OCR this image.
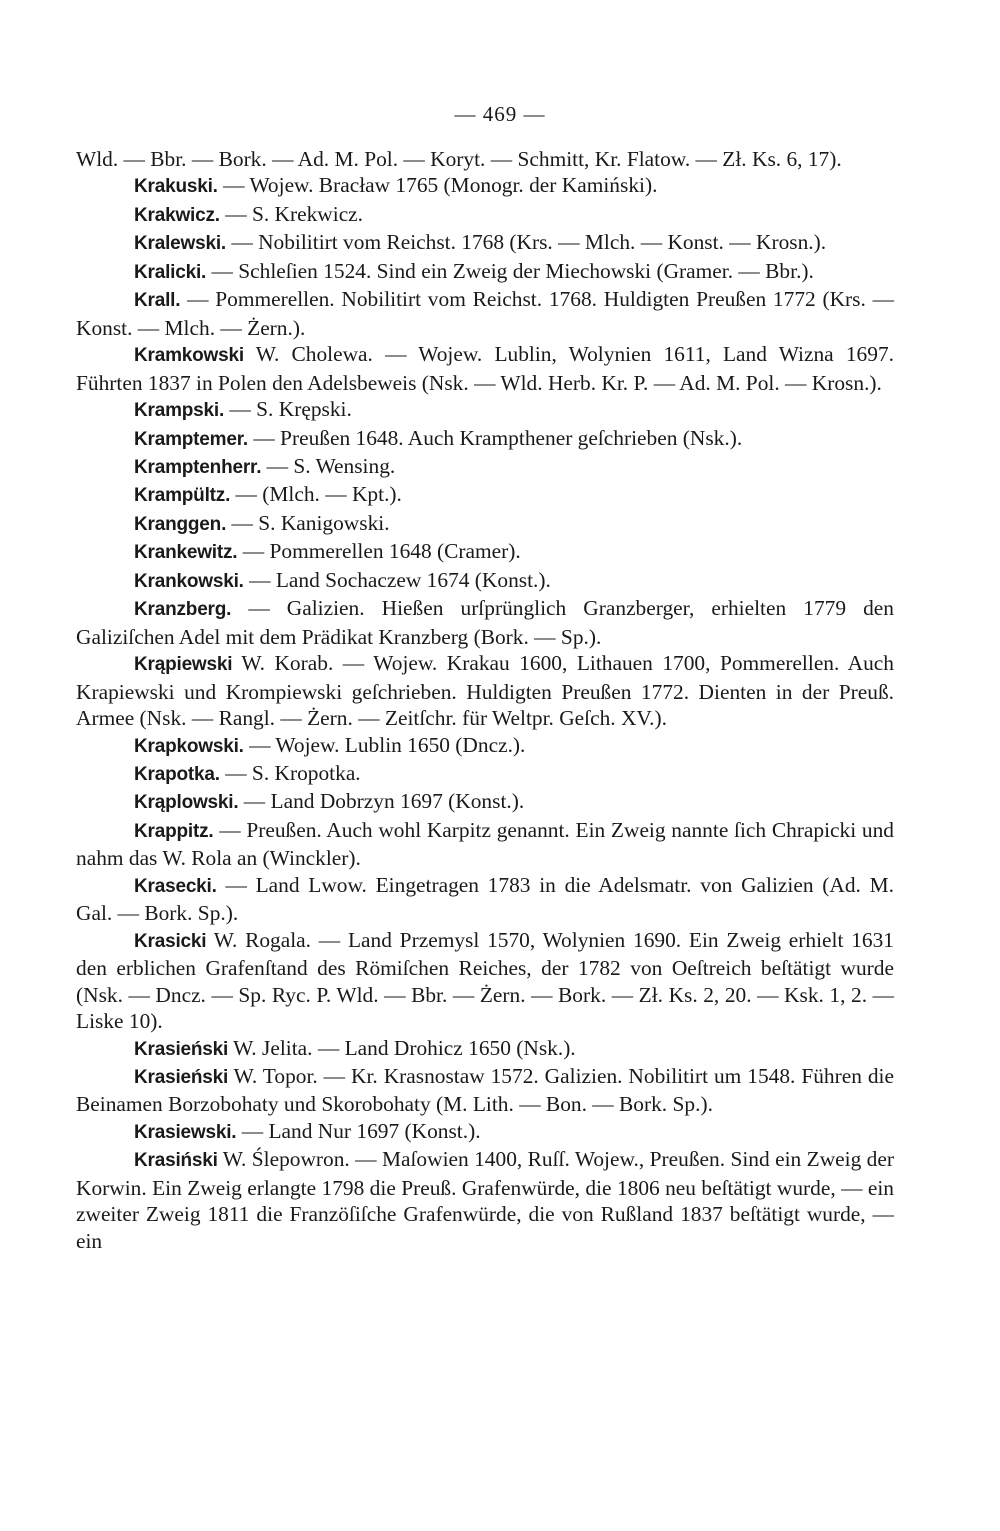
— 469 —

Wld. — Bbr. — Bork. — Ad. M. Pol. — Koryt. — Schmitt, Kr. Flatow. — Zł. Ks. 6, 17).

Krakuski. — Wojew. Bracław 1765 (Monogr. der Kamiński).

Krakwicz. — S. Krekwicz.

Kralewski. — Nobilitirt vom Reichst. 1768 (Krs. — Mlch. — Konst. — Krosn.).

Kralicki. — Schleſien 1524. Sind ein Zweig der Miechowski (Gramer. — Bbr.).

Krall. — Pommerellen. Nobilitirt vom Reichst. 1768. Huldigten Preußen 1772 (Krs. — Konst. — Mlch. — Żern.).

Kramkowski W. Cholewa. — Wojew. Lublin, Wolynien 1611, Land Wizna 1697. Führten 1837 in Polen den Adelsbeweis (Nsk. — Wld. Herb. Kr. P. — Ad. M. Pol. — Krosn.).

Krampski. — S. Krępski.

Kramptemer. — Preußen 1648. Auch Krampthener geſchrieben (Nsk.).

Kramptenherr. — S. Wensing.

Krampültz. — (Mlch. — Kpt.).

Kranggen. — S. Kanigowski.

Krankewitz. — Pommerellen 1648 (Cramer).

Krankowski. — Land Sochaczew 1674 (Konst.).

Kranzberg. — Galizien. Hießen urſprünglich Granzberger, erhielten 1779 den Galiziſchen Adel mit dem Prädikat Kranzberg (Bork. — Sp.).

Krąpiewski W. Korab. — Wojew. Krakau 1600, Lithauen 1700, Pommerellen. Auch Krapiewski und Krompiewski geſchrieben. Huldigten Preußen 1772. Dienten in der Preuß. Armee (Nsk. — Rangl. — Żern. — Zeitſchr. für Weltpr. Geſch. XV.).

Krapkowski. — Wojew. Lublin 1650 (Dncz.).

Krapotka. — S. Kropotka.

Krąplowski. — Land Dobrzyn 1697 (Konst.).

Krappitz. — Preußen. Auch wohl Karpitz genannt. Ein Zweig nannte ſich Chrapicki und nahm das W. Rola an (Winckler).

Krasecki. — Land Lwow. Eingetragen 1783 in die Adelsmatr. von Galizien (Ad. M. Gal. — Bork. Sp.).

Krasicki W. Rogala. — Land Przemysl 1570, Wolynien 1690. Ein Zweig erhielt 1631 den erblichen Grafenſtand des Römiſchen Reiches, der 1782 von Oeſtreich beſtätigt wurde (Nsk. — Dncz. — Sp. Ryc. P. Wld. — Bbr. — Żern. — Bork. — Zł. Ks. 2, 20. — Ksk. 1, 2. — Liske 10).

Krasieński W. Jelita. — Land Drohicz 1650 (Nsk.).

Krasieński W. Topor. — Kr. Krasnostaw 1572. Galizien. Nobilitirt um 1548. Führen die Beinamen Borzobohaty und Skorobohaty (M. Lith. — Bon. — Bork. Sp.).

Krasiewski. — Land Nur 1697 (Konst.).

Krasiński W. Ślepowron. — Maſowien 1400, Ruſſ. Wojew., Preußen. Sind ein Zweig der Korwin. Ein Zweig erlangte 1798 die Preuß. Grafenwürde, die 1806 neu beſtätigt wurde, — ein zweiter Zweig 1811 die Franzöſiſche Grafenwürde, die von Rußland 1837 beſtätigt wurde, — ein
